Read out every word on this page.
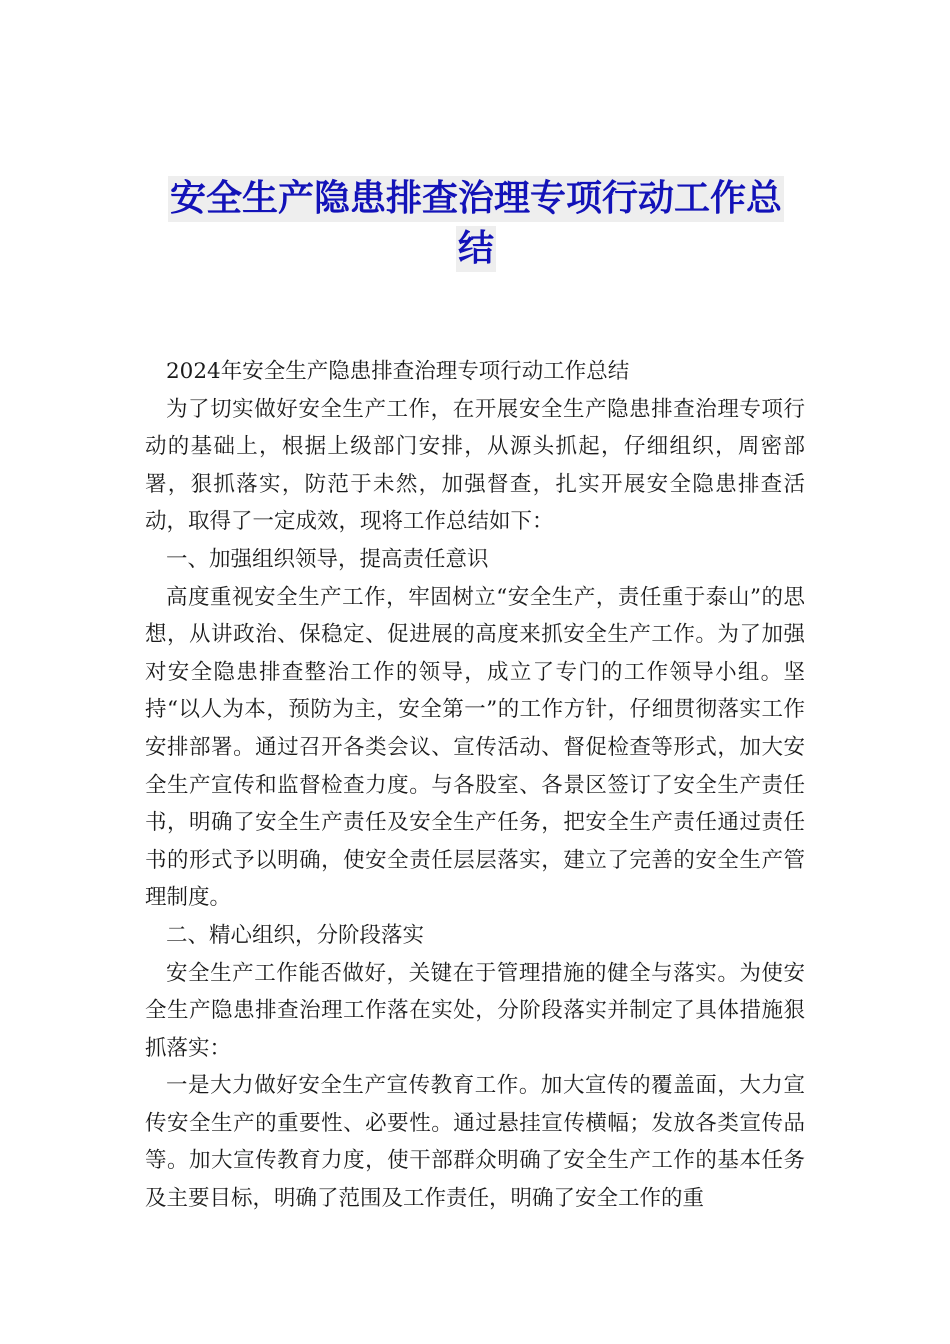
安全生产隐患排查治理专项行动工作总
结

2024年安全生产隐患排查治理专项行动工作总结

为了切实做好安全生产工作，在开展安全生产隐患排查治理专项行动的基础上，根据上级部门安排，从源头抓起，仔细组织，周密部署，狠抓落实，防范于未然，加强督查，扎实开展安全隐患排查活动，取得了一定成效，现将工作总结如下：

一、加强组织领导，提高责任意识

高度重视安全生产工作，牢固树立“安全生产，责任重于泰山”的思想，从讲政治、保稳定、促进展的高度来抓安全生产工作。为了加强对安全隐患排查整治工作的领导，成立了专门的工作领导小组。坚持“以人为本，预防为主，安全第一”的工作方针，仔细贯彻落实工作安排部署。通过召开各类会议、宣传活动、督促检查等形式，加大安全生产宣传和监督检查力度。与各股室、各景区签订了安全生产责任书，明确了安全生产责任及安全生产任务，把安全生产责任通过责任书的形式予以明确，使安全责任层层落实，建立了完善的安全生产管理制度。

二、精心组织，分阶段落实

安全生产工作能否做好，关键在于管理措施的健全与落实。为使安全生产隐患排查治理工作落在实处，分阶段落实并制定了具体措施狠抓落实：

一是大力做好安全生产宣传教育工作。加大宣传的覆盖面，大力宣传安全生产的重要性、必要性。通过悬挂宣传横幅；发放各类宣传品等。加大宣传教育力度，使干部群众明确了安全生产工作的基本任务及主要目标，明确了范围及工作责任，明确了安全工作的重
